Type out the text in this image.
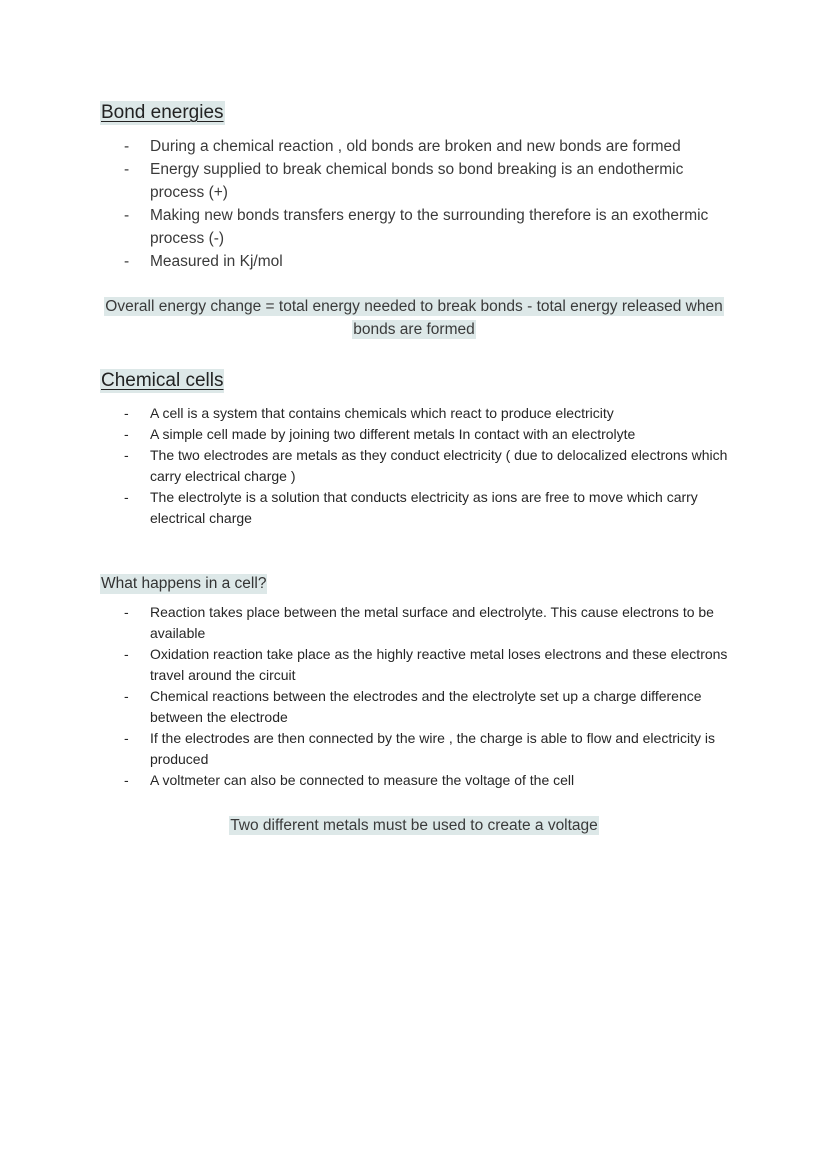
Bond energies
- During a chemical reaction , old bonds are broken and new bonds are formed
- Energy supplied to break chemical bonds so bond breaking is an endothermic process (+)
- Making new bonds transfers energy to the surrounding therefore is an exothermic process (-)
- Measured in Kj/mol

Overall energy change = total energy needed to break bonds - total energy released when bonds are formed

Chemical cells
- A cell is a system that contains chemicals which react to produce electricity
- A simple cell made by joining two different metals In contact with an electrolyte
- The two electrodes are metals as they conduct electricity ( due to delocalized electrons which carry electrical charge )
- The electrolyte is a solution that conducts electricity as ions are free to move which carry electrical charge
What happens in a cell?
- Reaction takes place between the metal surface and electrolyte. This cause electrons to be available
- Oxidation reaction take place as the highly reactive metal loses electrons and these electrons travel around the circuit
- Chemical reactions between the electrodes and the electrolyte set up a charge difference between the electrode
- If the electrodes are then connected by the wire , the charge is able to flow and electricity is produced
- A voltmeter can also be connected to measure the voltage of the cell

Two different metals must be used to create a voltage
